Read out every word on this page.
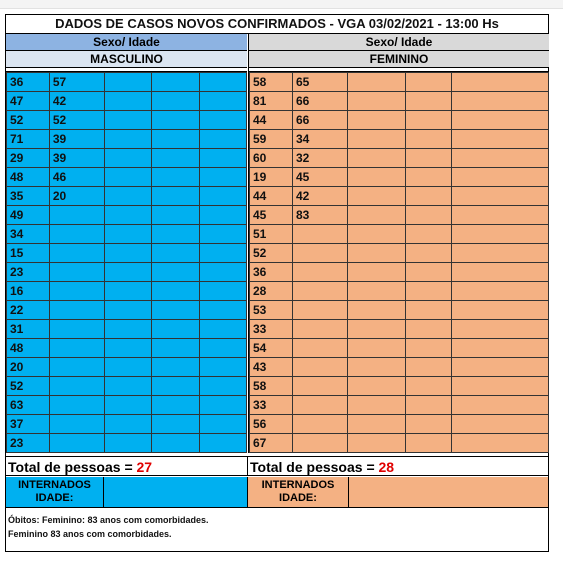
DADOS DE CASOS NOVOS CONFIRMADOS - VGA 03/02/2021 - 13:00 Hs
Sexo/ Idade
MASCULINO
36	57			
47	42			
52	52			
71	39			
29	39			
48	46			
35	20			
49				
34				
15				
23				
16				
22				
31				
48				
20				
52				
63				
37				
23				
Sexo/ Idade
FEMININO
58	65			
81	66			
44	66			
59	34			
60	32			
19	45			
44	42			
45	83			
51				
52				
36				
28				
53				
33				
54				
43				
58				
33				
56				
67				
Total de pessoas = 27	Total de pessoas = 28
INTERNADOS IDADE:
INTERNADOS IDADE:
Óbitos: Feminino: 83 anos com comorbidades.
Feminino 83 anos com comorbidades.
